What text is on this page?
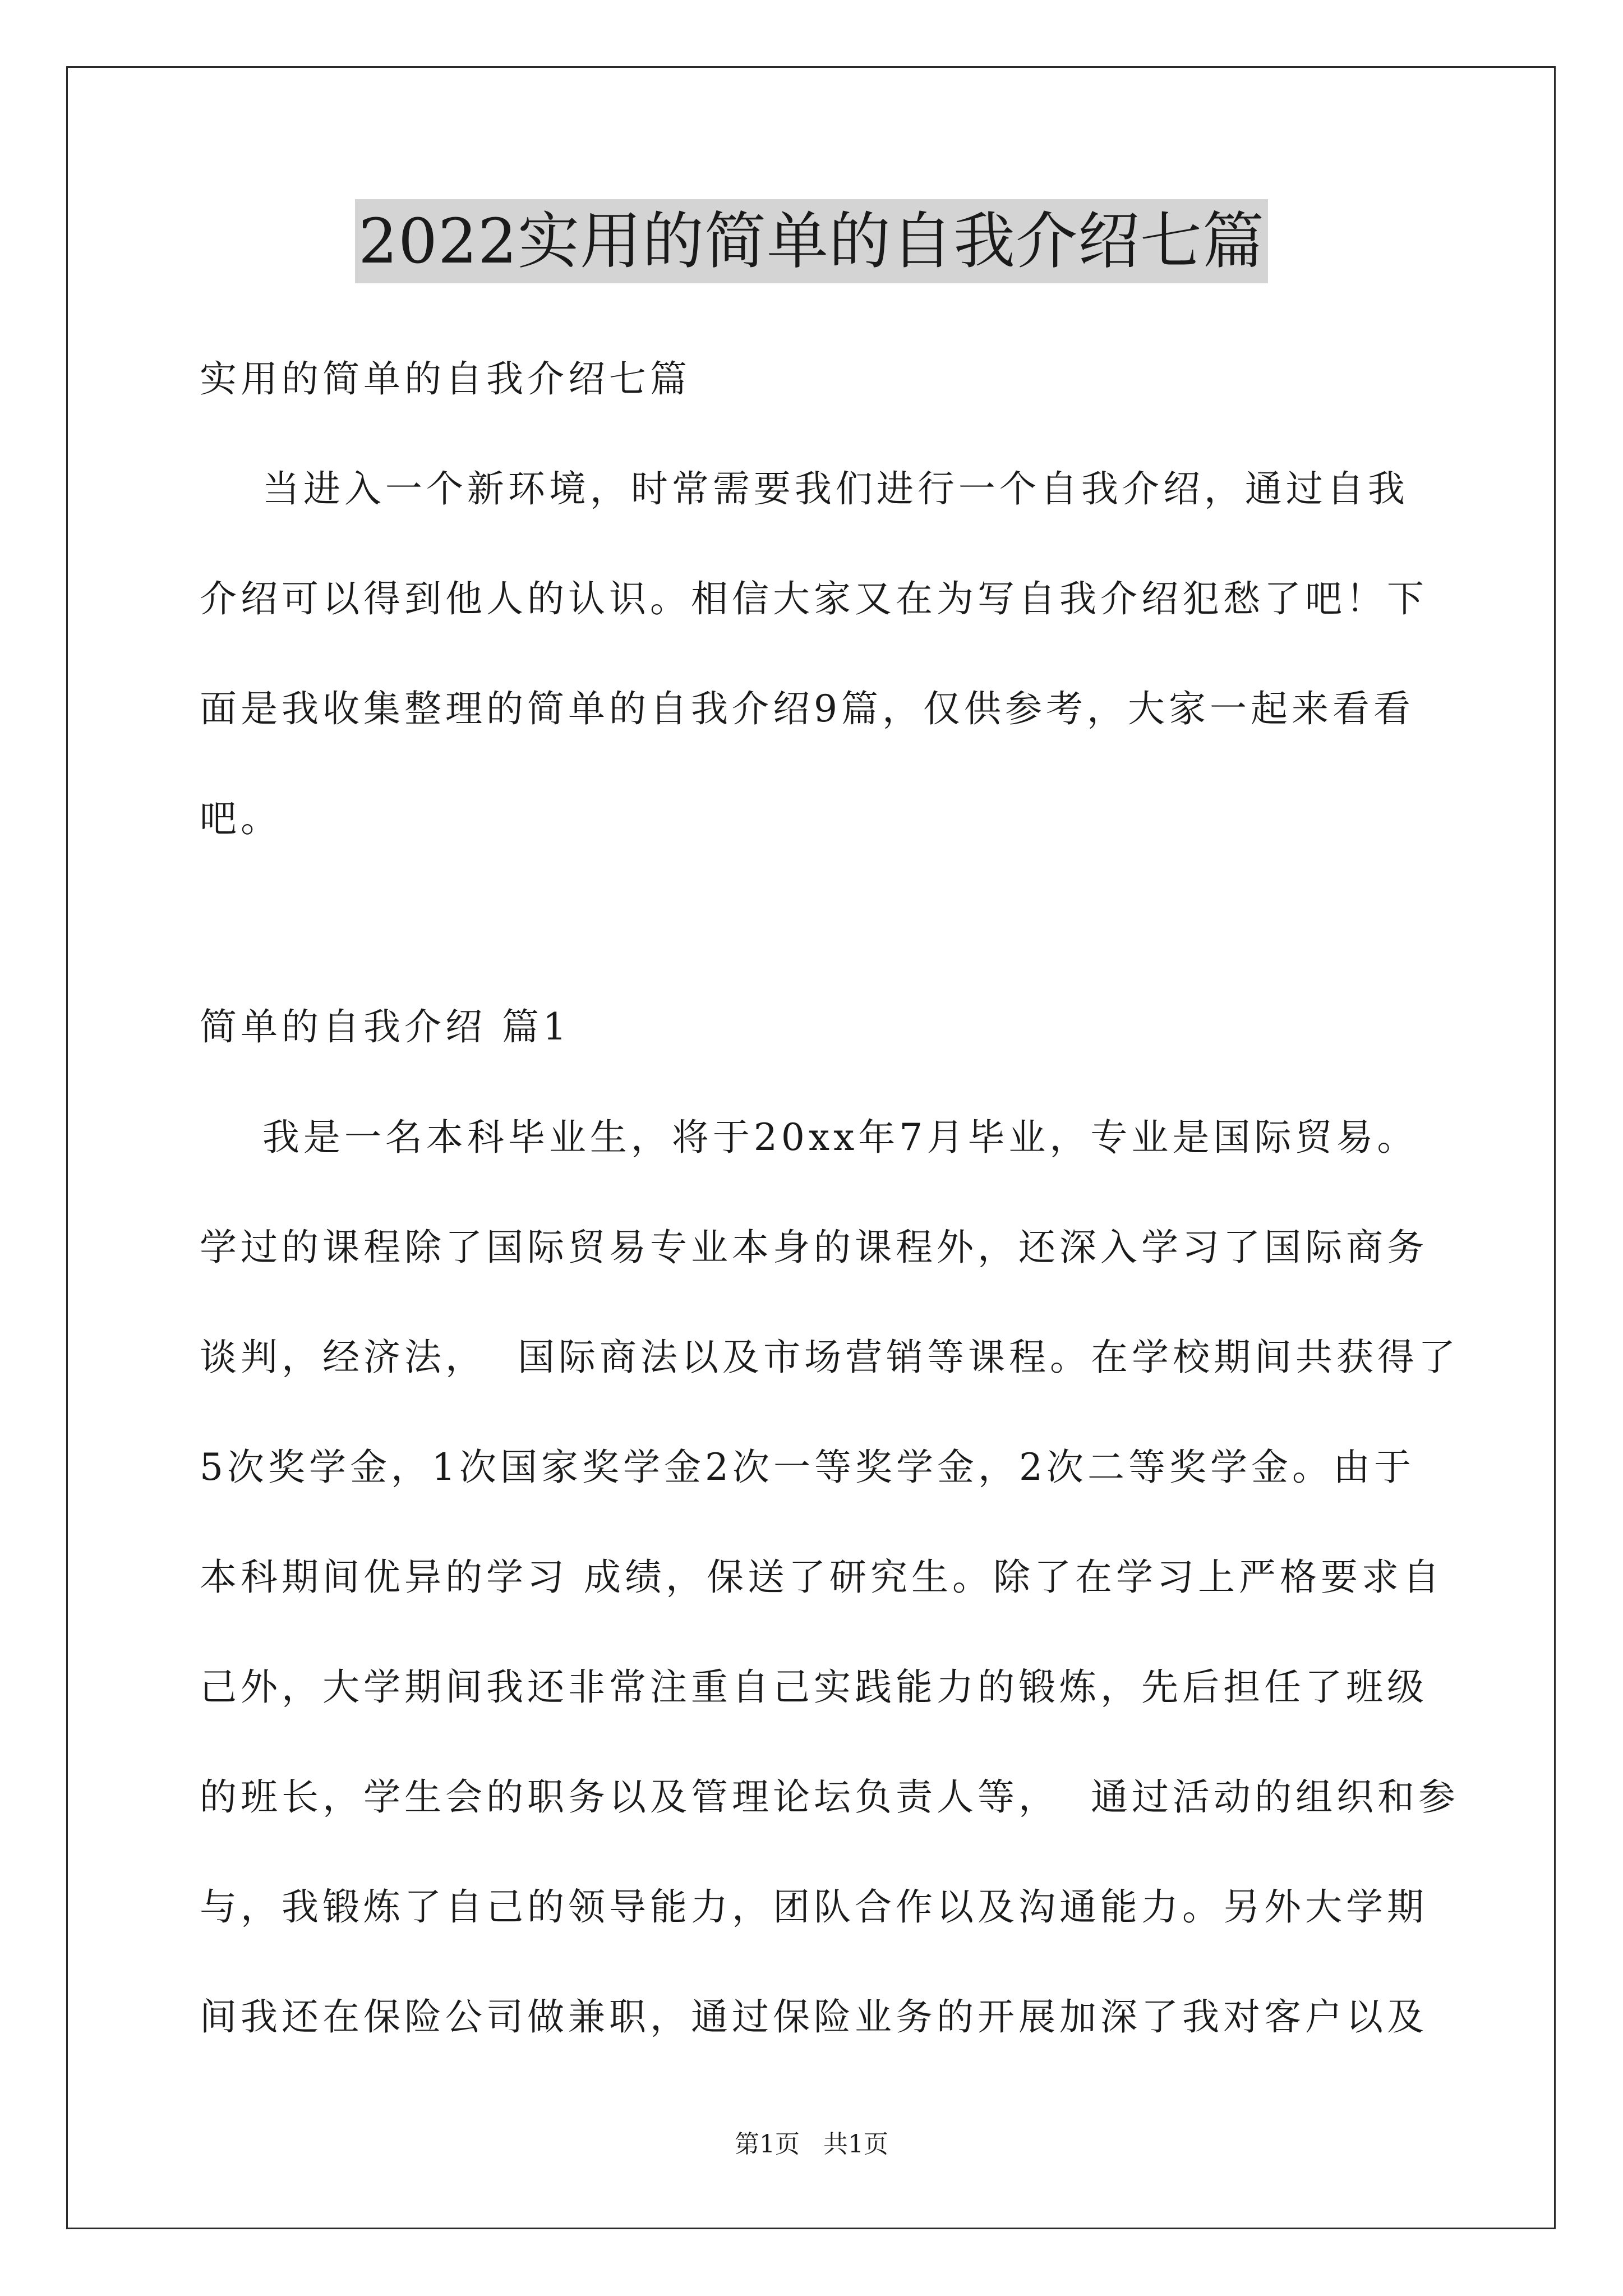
2022实用的简单的自我介绍七篇
实用的简单的自我介绍七篇
当进入一个新环境，时常需要我们进行一个自我介绍，通过自我
介绍可以得到他人的认识。相信大家又在为写自我介绍犯愁了吧！下
面是我收集整理的简单的自我介绍9篇，仅供参考，大家一起来看看
吧。
简单的自我介绍 篇1
我是一名本科毕业生，将于20xx年7月毕业，专业是国际贸易。
学过的课程除了国际贸易专业本身的课程外，还深入学习了国际商务
谈判，经济法，  国际商法以及市场营销等课程。在学校期间共获得了
5次奖学金，1次国家奖学金2次一等奖学金，2次二等奖学金。由于
本科期间优异的学习 成绩，保送了研究生。除了在学习上严格要求自
己外，大学期间我还非常注重自己实践能力的锻炼，先后担任了班级
的班长，学生会的职务以及管理论坛负责人等，  通过活动的组织和参
与，我锻炼了自己的领导能力，团队合作以及沟通能力。另外大学期
间我还在保险公司做兼职，通过保险业务的开展加深了我对客户以及
第1页   共1页
